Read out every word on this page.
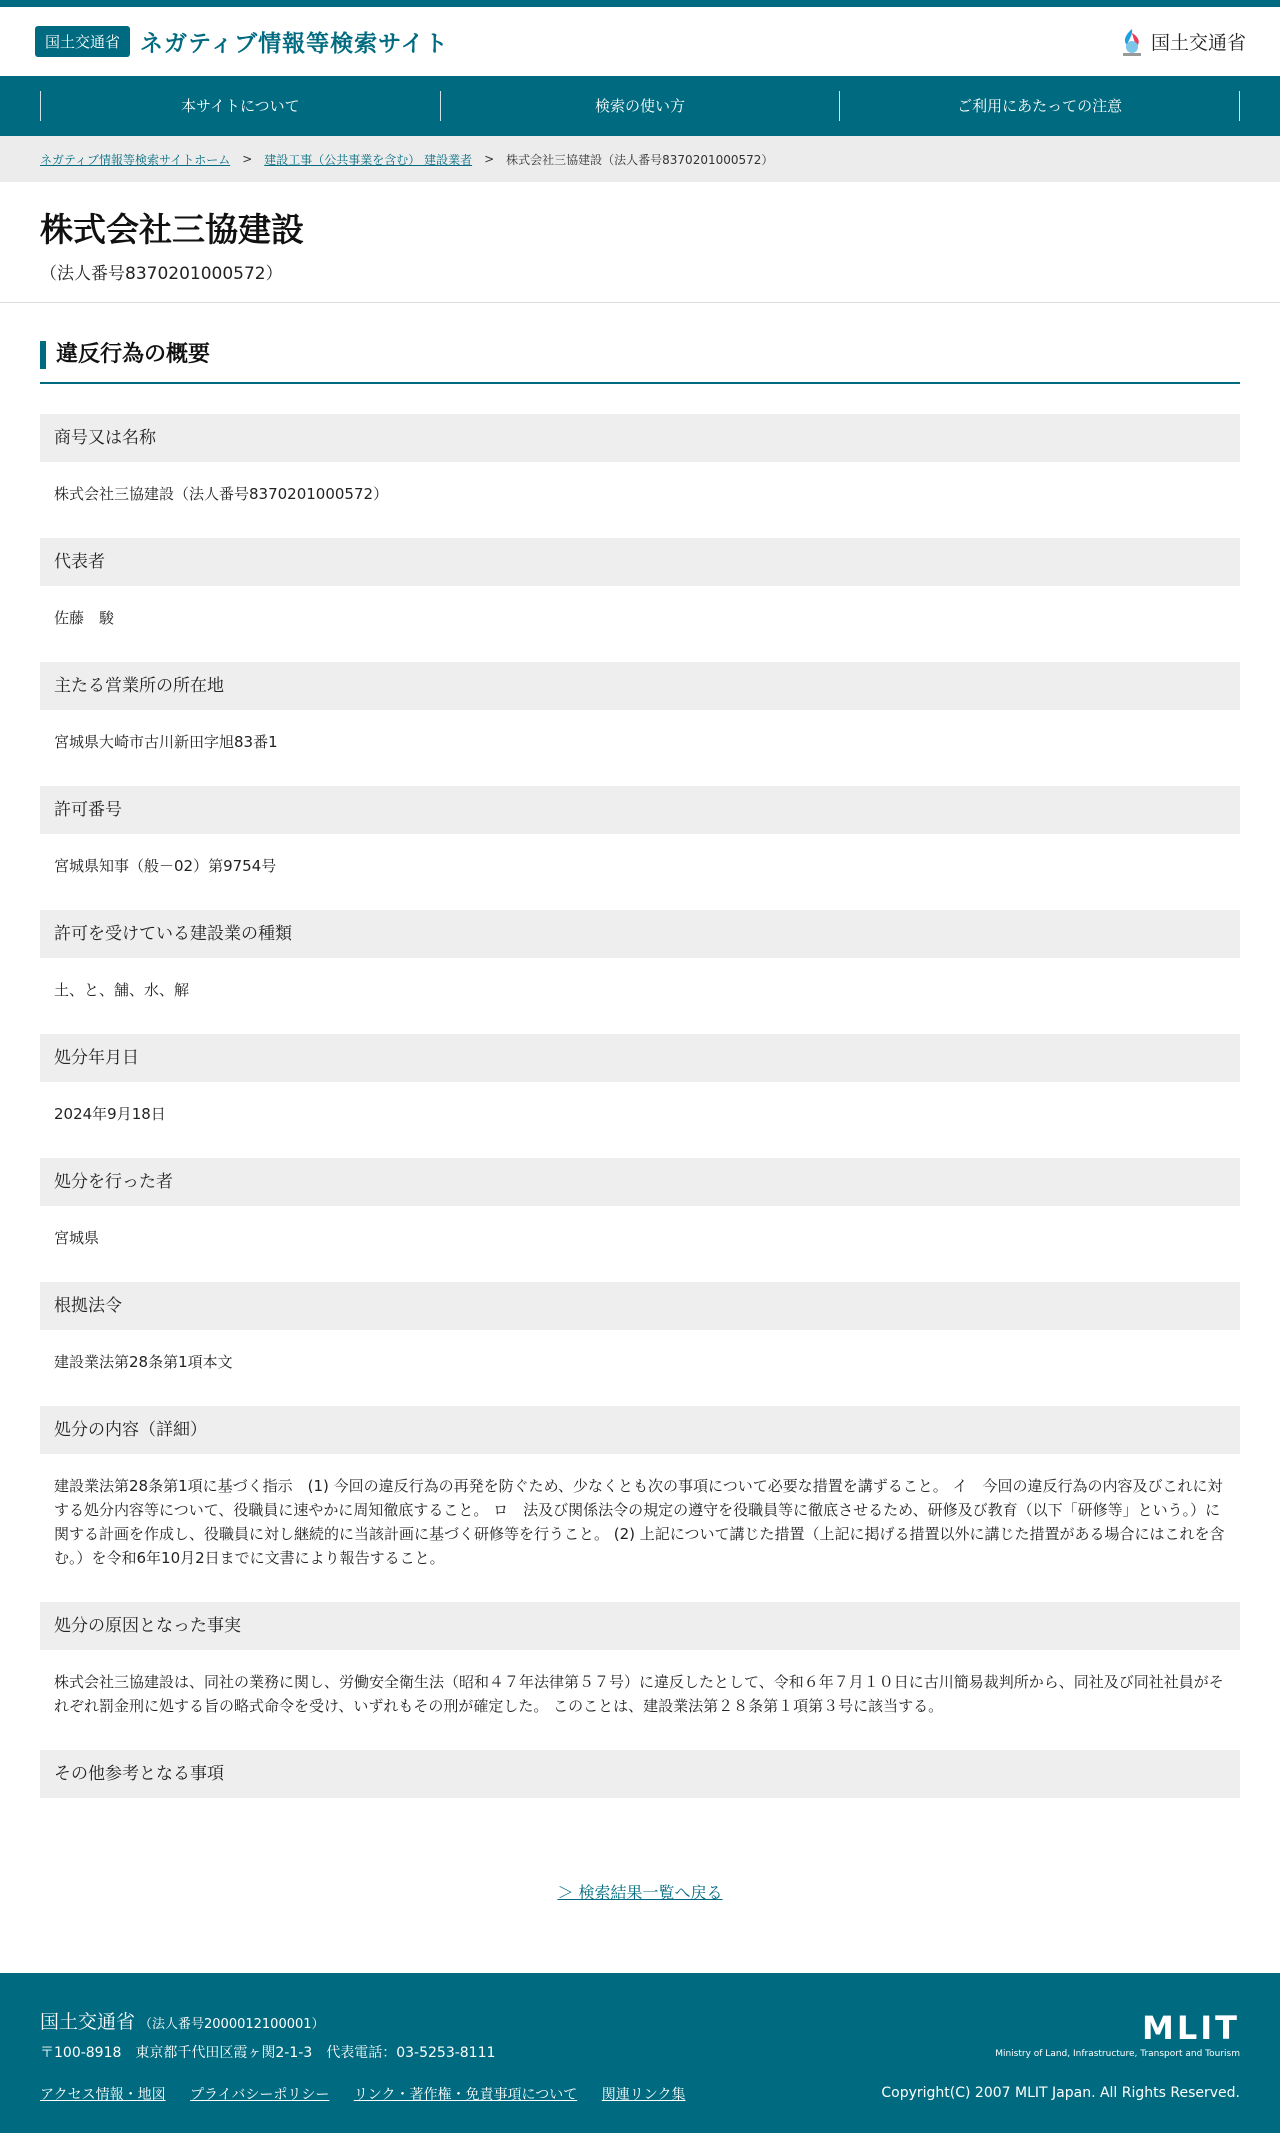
国土交通省 ネガティブ情報等検索サイト	国土交通省
本サイトについて	検索の使い方	ご利用にあたっての注意
ネガティブ情報等検索サイトホーム > 建設工事（公共事業を含む） 建設業者 > 株式会社三協建設（法人番号8370201000572）
株式会社三協建設
（法人番号8370201000572）
違反行為の概要
商号又は名称
株式会社三協建設（法人番号8370201000572）
代表者
佐藤　駿
主たる営業所の所在地
宮城県大崎市古川新田字旭83番1
許可番号
宮城県知事（般－02）第9754号
許可を受けている建設業の種類
土、と、舗、水、解
処分年月日
2024年9月18日
処分を行った者
宮城県
根拠法令
建設業法第28条第1項本文
処分の内容（詳細）
建設業法第28条第1項に基づく指示　(1) 今回の違反行為の再発を防ぐため、少なくとも次の事項について必要な措置を講ずること。 イ　今回の違反行為の内容及びこれに対する処分内容等について、役職員に速やかに周知徹底すること。 ロ　法及び関係法令の規定の遵守を役職員等に徹底させるため、研修及び教育（以下「研修等」という。）に関する計画を作成し、役職員に対し継続的に当該計画に基づく研修等を行うこと。 (2) 上記について講じた措置（上記に掲げる措置以外に講じた措置がある場合にはこれを含む。）を令和6年10月2日までに文書により報告すること。
処分の原因となった事実
株式会社三協建設は、同社の業務に関し、労働安全衛生法（昭和４７年法律第５７号）に違反したとして、令和６年７月１０日に古川簡易裁判所から、同社及び同社社員がそれぞれ罰金刑に処する旨の略式命令を受け、いずれもその刑が確定した。 このことは、建設業法第２８条第１項第３号に該当する。
その他参考となる事項
＞ 検索結果一覧へ戻る
国土交通省 （法人番号2000012100001）
〒100-8918　東京都千代田区霞ヶ関2-1-3　代表電話：03-5253-8111
アクセス情報・地図 プライバシーポリシー リンク・著作権・免責事項について 関連リンク集
MLIT
Ministry of Land, Infrastructure, Transport and Tourism
Copyright(C) 2007 MLIT Japan. All Rights Reserved.
